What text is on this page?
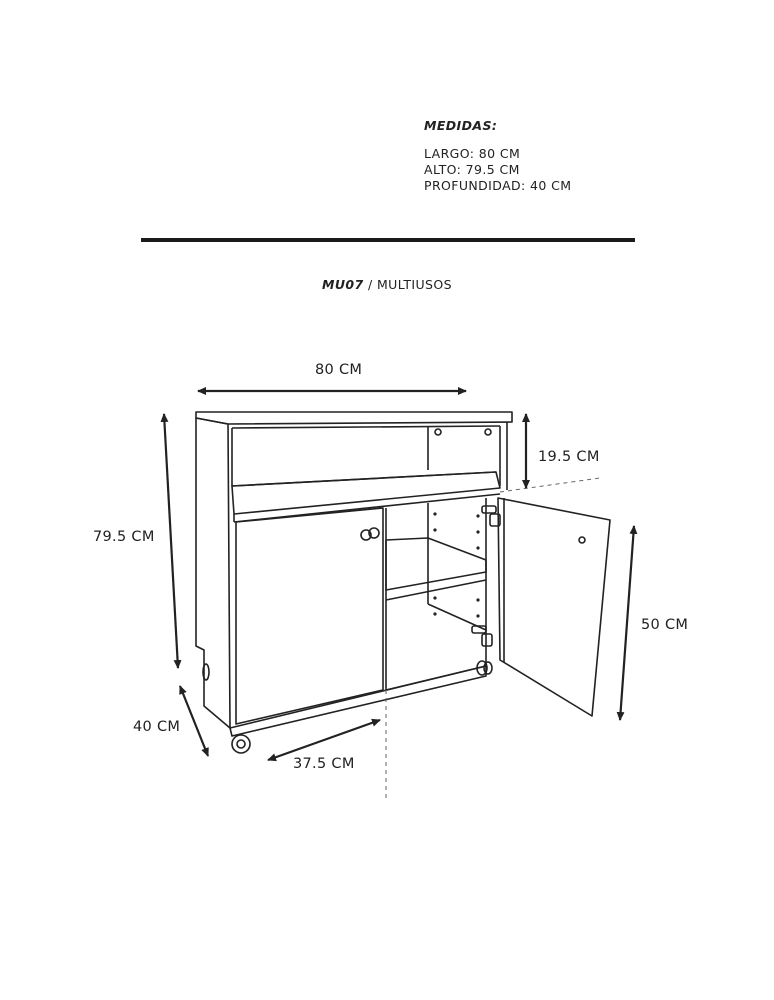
MEDIDAS:
LARGO: 80 CM
ALTO: 79.5 CM
PROFUNDIDAD: 40 CM
MU07 / MULTIUSOS
80 CM
79.5 CM
40 CM
19.5 CM
50 CM
37.5 CM
